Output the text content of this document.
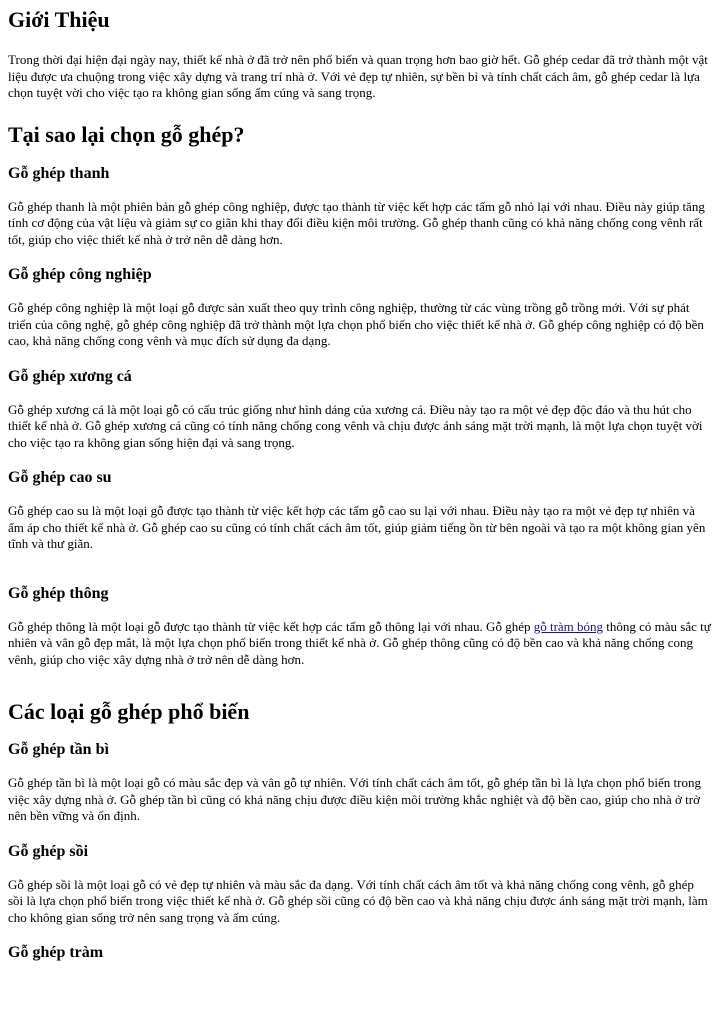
Giới Thiệu

Trong thời đại hiện đại ngày nay, thiết kế nhà ở đã trở nên phổ biến và quan trọng hơn bao giờ hết. Gỗ ghép cedar đã trở thành một vật liệu được ưa chuộng trong việc xây dựng và trang trí nhà ở. Với vẻ đẹp tự nhiên, sự bền bỉ và tính chất cách âm, gỗ ghép cedar là lựa chọn tuyệt vời cho việc tạo ra không gian sống ấm cúng và sang trọng.

Tại sao lại chọn gỗ ghép?
Gỗ ghép thanh

Gỗ ghép thanh là một phiên bản gỗ ghép công nghiệp, được tạo thành từ việc kết hợp các tấm gỗ nhỏ lại với nhau. Điều này giúp tăng tính cơ động của vật liệu và giảm sự co giãn khi thay đổi điều kiện môi trường. Gỗ ghép thanh cũng có khả năng chống cong vênh rất tốt, giúp cho việc thiết kế nhà ở trở nên dễ dàng hơn.

Gỗ ghép công nghiệp

Gỗ ghép công nghiệp là một loại gỗ được sản xuất theo quy trình công nghiệp, thường từ các vùng trồng gỗ trồng mới. Với sự phát triển của công nghệ, gỗ ghép công nghiệp đã trở thành một lựa chọn phổ biến cho việc thiết kế nhà ở. Gỗ ghép công nghiệp có độ bền cao, khả năng chống cong vênh và mục đích sử dụng đa dạng.

Gỗ ghép xương cá

Gỗ ghép xương cá là một loại gỗ có cấu trúc giống như hình dáng của xương cá. Điều này tạo ra một vẻ đẹp độc đáo và thu hút cho thiết kế nhà ở. Gỗ ghép xương cá cũng có tính năng chống cong vênh và chịu được ánh sáng mặt trời mạnh, là một lựa chọn tuyệt vời cho việc tạo ra không gian sống hiện đại và sang trọng.

Gỗ ghép cao su

Gỗ ghép cao su là một loại gỗ được tạo thành từ việc kết hợp các tấm gỗ cao su lại với nhau. Điều này tạo ra một vẻ đẹp tự nhiên và ấm áp cho thiết kế nhà ở. Gỗ ghép cao su cũng có tính chất cách âm tốt, giúp giảm tiếng ồn từ bên ngoài và tạo ra một không gian yên tĩnh và thư giãn.

Gỗ ghép thông

Gỗ ghép thông là một loại gỗ được tạo thành từ việc kết hợp các tấm gỗ thông lại với nhau. Gỗ ghép gỗ tràm bóng thông có màu sắc tự nhiên và vân gỗ đẹp mắt, là một lựa chọn phổ biến trong thiết kế nhà ở. Gỗ ghép thông cũng có độ bền cao và khả năng chống cong vênh, giúp cho việc xây dựng nhà ở trở nên dễ dàng hơn.

Các loại gỗ ghép phổ biến
Gỗ ghép tần bì

Gỗ ghép tần bì là một loại gỗ có màu sắc đẹp và vân gỗ tự nhiên. Với tính chất cách âm tốt, gỗ ghép tần bì là lựa chọn phổ biến trong việc xây dựng nhà ở. Gỗ ghép tần bì cũng có khả năng chịu được điều kiện môi trường khắc nghiệt và độ bền cao, giúp cho nhà ở trở nên bền vững và ổn định.

Gỗ ghép sồi

Gỗ ghép sồi là một loại gỗ có vẻ đẹp tự nhiên và màu sắc đa dạng. Với tính chất cách âm tốt và khả năng chống cong vênh, gỗ ghép sồi là lựa chọn phổ biến trong việc thiết kế nhà ở. Gỗ ghép sồi cũng có độ bền cao và khả năng chịu được ánh sáng mặt trời mạnh, làm cho không gian sống trở nên sang trọng và ấm cúng.

Gỗ ghép tràm
